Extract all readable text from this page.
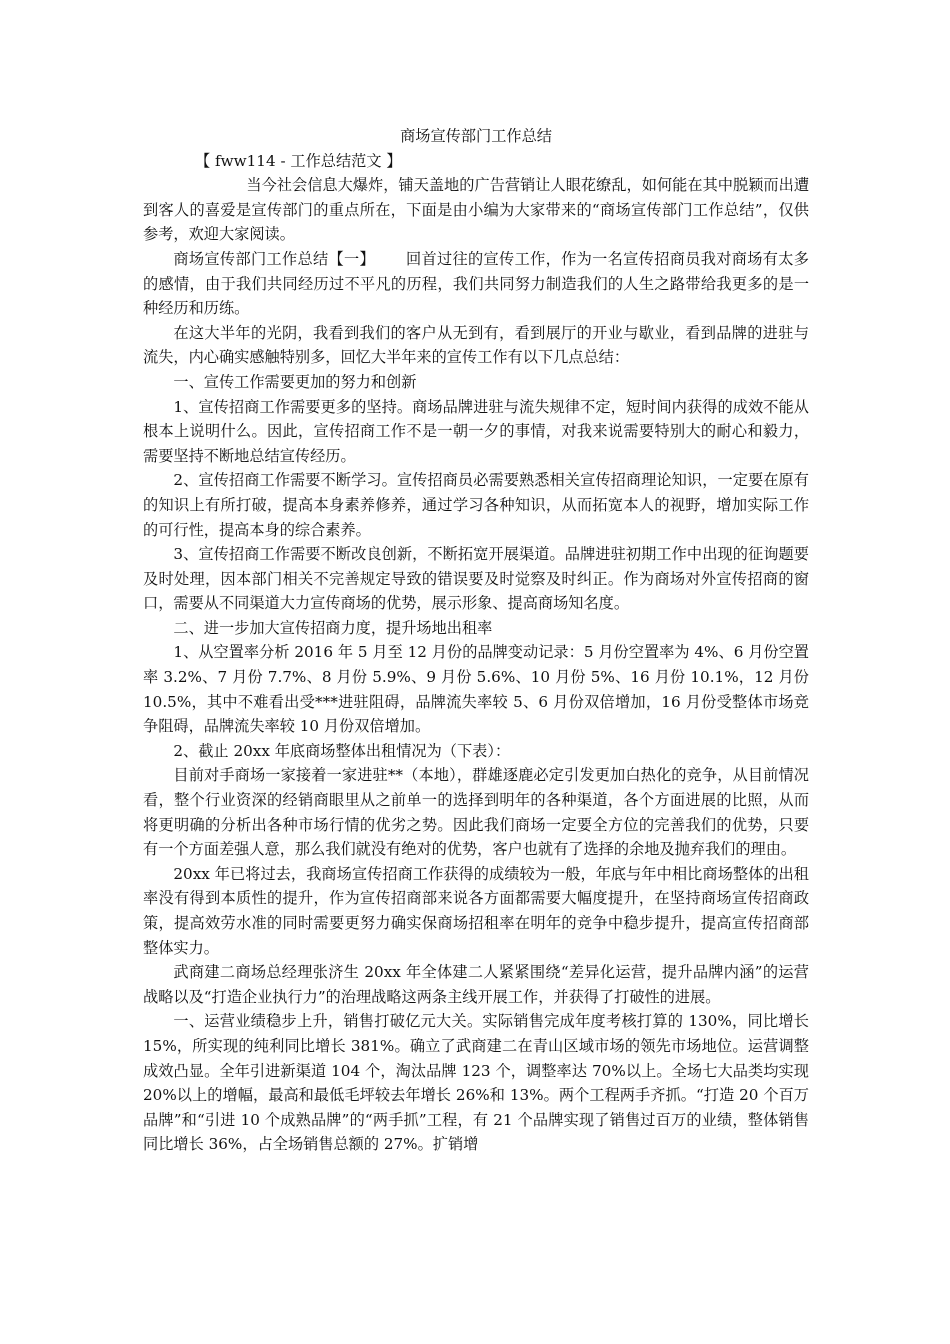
商场宣传部门工作总结
【 fww114 - 工作总结范文 】

当今社会信息大爆炸，铺天盖地的广告营销让人眼花缭乱，如何能在其中脱颖而出遭到客人的喜爱是宣传部门的重点所在，下面是由小编为大家带来的“商场宣传部门工作总结”，仅供参考，欢迎大家阅读。

商场宣传部门工作总结【一】      回首过往的宣传工作，作为一名宣传招商员我对商场有太多的感情，由于我们共同经历过不平凡的历程，我们共同努力制造我们的人生之路带给我更多的是一种经历和历练。

在这大半年的光阴，我看到我们的客户从无到有，看到展厅的开业与歇业，看到品牌的进驻与流失，内心确实感触特别多，回忆大半年来的宣传工作有以下几点总结：

一、宣传工作需要更加的努力和创新

1、宣传招商工作需要更多的坚持。商场品牌进驻与流失规律不定，短时间内获得的成效不能从根本上说明什么。因此，宣传招商工作不是一朝一夕的事情，对我来说需要特别大的耐心和毅力，需要坚持不断地总结宣传经历。

2、宣传招商工作需要不断学习。宣传招商员必需要熟悉相关宣传招商理论知识，一定要在原有的知识上有所打破，提高本身素养修养，通过学习各种知识，从而拓宽本人的视野，增加实际工作的可行性，提高本身的综合素养。

3、宣传招商工作需要不断改良创新，不断拓宽开展渠道。品牌进驻初期工作中出现的征询题要及时处理，因本部门相关不完善规定导致的错误要及时觉察及时纠正。作为商场对外宣传招商的窗口，需要从不同渠道大力宣传商场的优势，展示形象、提高商场知名度。

二、进一步加大宣传招商力度，提升场地出租率

1、从空置率分析 2016 年 5 月至 12 月份的品牌变动记录：5 月份空置率为 4%、6 月份空置率 3.2%、7 月份 7.7%、8 月份 5.9%、9 月份 5.6%、10 月份 5%、16 月份 10.1%，12 月份 10.5%，其中不难看出受***进驻阻碍，品牌流失率较 5、6 月份双倍增加，16 月份受整体市场竞争阻碍，品牌流失率较 10 月份双倍增加。

2、截止 20xx 年底商场整体出租情况为（下表）：

目前对手商场一家接着一家进驻**（本地），群雄逐鹿必定引发更加白热化的竞争，从目前情况看，整个行业资深的经销商眼里从之前单一的选择到明年的各种渠道，各个方面进展的比照，从而将更明确的分析出各种市场行情的优劣之势。因此我们商场一定要全方位的完善我们的优势，只要有一个方面差强人意，那么我们就没有绝对的优势，客户也就有了选择的余地及抛弃我们的理由。

20xx 年已将过去，我商场宣传招商工作获得的成绩较为一般，年底与年中相比商场整体的出租率没有得到本质性的提升，作为宣传招商部来说各方面都需要大幅度提升，在坚持商场宣传招商政策，提高效劳水准的同时需要更努力确实保商场招租率在明年的竞争中稳步提升，提高宣传招商部整体实力。

武商建二商场总经理张济生 20xx 年全体建二人紧紧围绕“差异化运营，提升品牌内涵”的运营战略以及“打造企业执行力”的治理战略这两条主线开展工作，并获得了打破性的进展。

一、运营业绩稳步上升，销售打破亿元大关。实际销售完成年度考核打算的 130%，同比增长 15%，所实现的纯利同比增长 381%。确立了武商建二在青山区域市场的领先市场地位。运营调整成效凸显。全年引进新渠道 104 个，淘汰品牌 123 个，调整率达 70%以上。全场七大品类均实现 20%以上的增幅，最高和最低毛坪较去年增长 26%和 13%。两个工程两手齐抓。“打造 20 个百万品牌”和“引进 10 个成熟品牌”的“两手抓”工程，有 21 个品牌实现了销售过百万的业绩，整体销售同比增长 36%，占全场销售总额的 27%。扩销增
